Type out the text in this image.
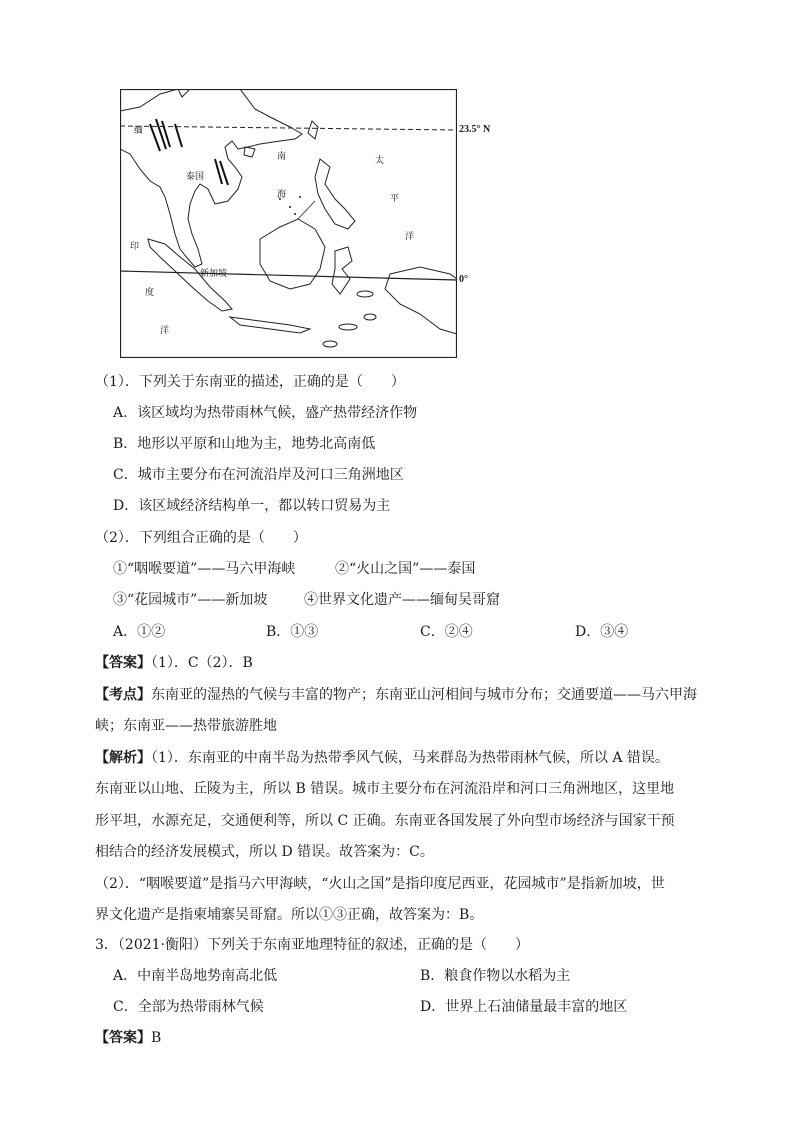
缅
泰国
南
海
太
平
洋
印
度
洋
新加坡
23.5° N
0°
（1）．下列关于东南亚的描述，正确的是（　　）
A．该区域均为热带雨林气候，盛产热带经济作物
B．地形以平原和山地为主，地势北高南低
C．城市主要分布在河流沿岸及河口三角洲地区
D．该区域经济结构单一，都以转口贸易为主
（2）．下列组合正确的是（　　）
①“咽喉要道”——马六甲海峡	②“火山之国”——泰国
③“花园城市”——新加坡	④世界文化遗产——缅甸吴哥窟
A．①②	B．①③	C．②④	D．③④
【答案】（1）．C（2）．B
【考点】东南亚的湿热的气候与丰富的物产；东南亚山河相间与城市分布；交通要道——马六甲海
峡；东南亚——热带旅游胜地
【解析】（1）．东南亚的中南半岛为热带季风气候，马来群岛为热带雨林气候，所以 A 错误。
东南亚以山地、丘陵为主，所以 B 错误。城市主要分布在河流沿岸和河口三角洲地区，这里地
形平坦，水源充足，交通便利等，所以 C 正确。东南亚各国发展了外向型市场经济与国家干预
相结合的经济发展模式，所以 D 错误。故答案为：C。
（2）．“咽喉要道”是指马六甲海峡，“火山之国”是指印度尼西亚，花园城市”是指新加坡，世
界文化遗产是指柬埔寨吴哥窟。所以①③正确，故答案为：B。
3．（2021·衡阳）下列关于东南亚地理特征的叙述，正确的是（　　）
A．中南半岛地势南高北低	B．粮食作物以水稻为主
C．全部为热带雨林气候	D．世界上石油储量最丰富的地区
【答案】B
